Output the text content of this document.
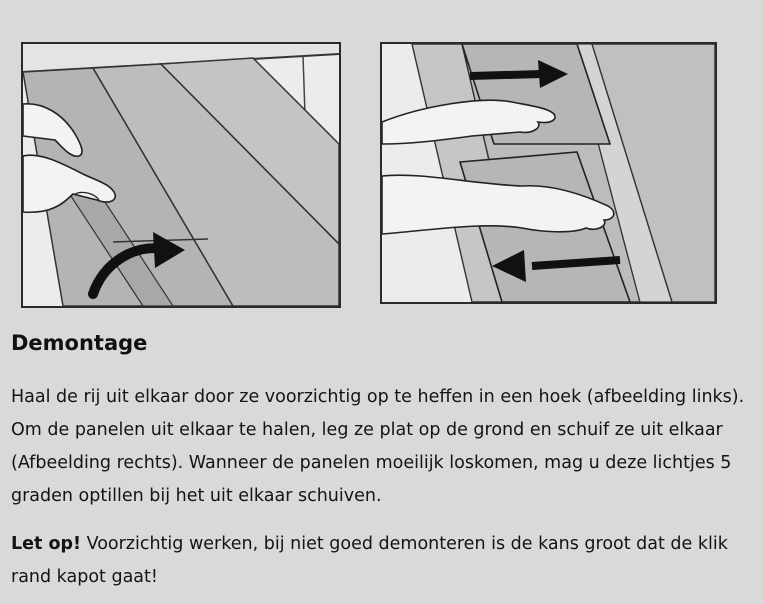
Demontage

Haal de rij uit elkaar door ze voorzichtig op te heffen in een hoek (afbeelding links). Om de panelen uit elkaar te halen, leg ze plat op de grond en schuif ze uit elkaar (Afbeelding rechts). Wanneer de panelen moeilijk loskomen, mag u deze lichtjes 5 graden optillen bij het uit elkaar schuiven.

Let op! Voorzichtig werken, bij niet goed demonteren is de kans groot dat de klik rand kapot gaat!
